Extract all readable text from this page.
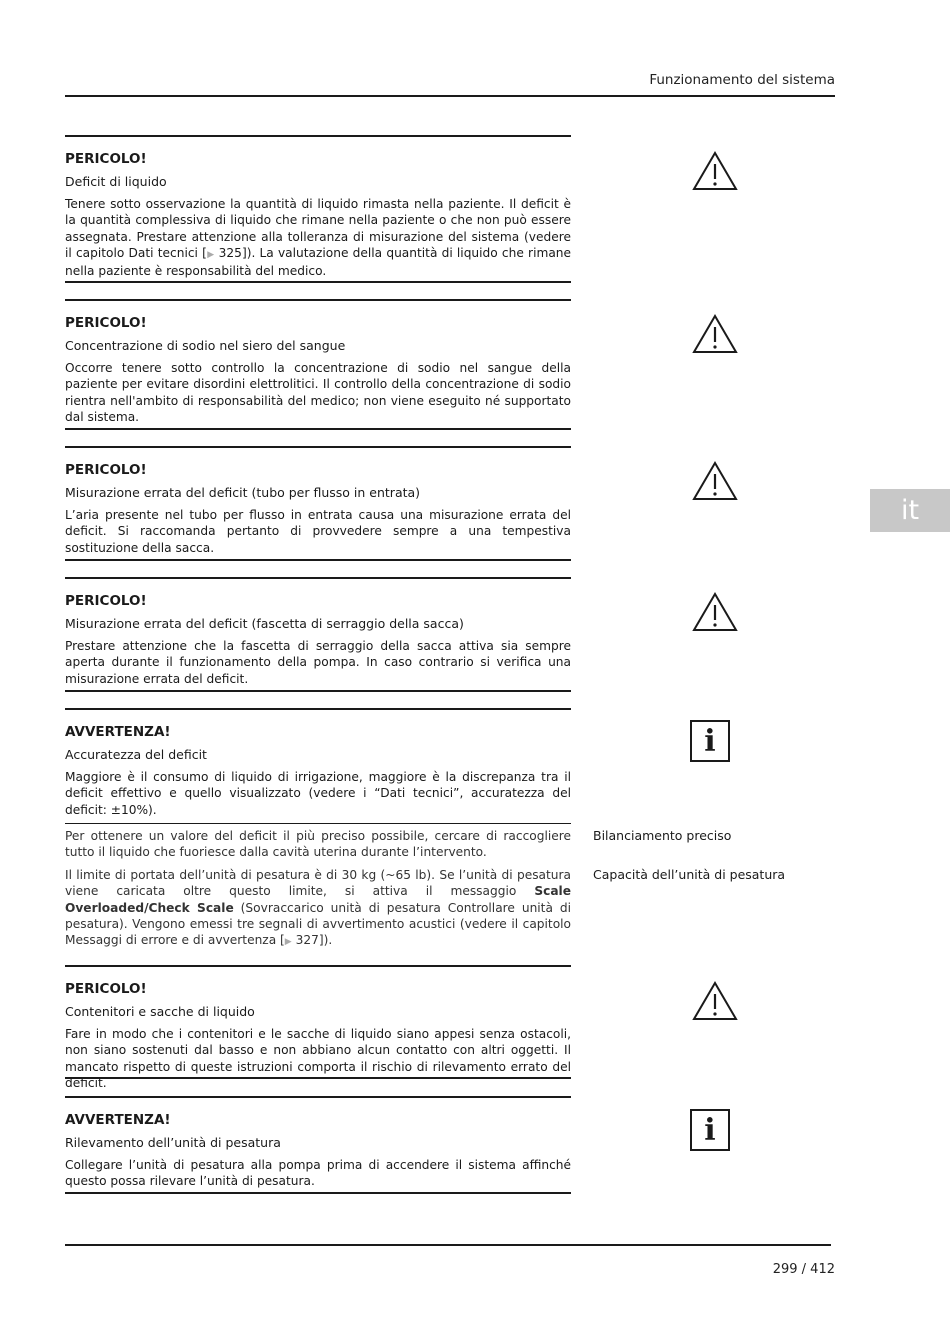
Funzionamento del sistema
it

PERICOLO!

Deficit di liquido

Tenere sotto osservazione la quantità di liquido rimasta nella paziente. Il deficit è la quantità complessiva di liquido che rimane nella paziente o che non può essere assegnata. Prestare attenzione alla tolleranza di misurazione del sistema (vedere il capitolo Dati tecnici [▶ 325]). La valutazione della quantità di liquido che rimane nella paziente è responsabilità del medico.

PERICOLO!

Concentrazione di sodio nel siero del sangue

Occorre tenere sotto controllo la concentrazione di sodio nel sangue della paziente per evitare disordini elettrolitici. Il controllo della concentrazione di sodio rientra nell'ambito di responsabilità del medico; non viene eseguito né supportato dal sistema.

PERICOLO!

Misurazione errata del deficit (tubo per flusso in entrata)

L’aria presente nel tubo per flusso in entrata causa una misurazione errata del deficit. Si raccomanda pertanto di provvedere sempre a una tempestiva sostituzione della sacca.

PERICOLO!

Misurazione errata del deficit (fascetta di serraggio della sacca)

Prestare attenzione che la fascetta di serraggio della sacca attiva sia sempre aperta durante il funzionamento della pompa. In caso contrario si verifica una misurazione errata del deficit.

AVVERTENZA!

Accuratezza del deficit

Maggiore è il consumo di liquido di irrigazione, maggiore è la discrepanza tra il deficit effettivo e quello visualizzato (vedere i “Dati tecnici”, accuratezza del deficit: ±10%).

i

Per ottenere un valore del deficit il più preciso possibile, cercare di raccogliere tutto il liquido che fuoriesce dalla cavità uterina durante l’intervento.

Bilanciamento preciso

Il limite di portata dell’unità di pesatura è di 30 kg (~65 lb). Se l’unità di pesatura viene caricata oltre questo limite, si attiva il messaggio Scale Overloaded/Check Scale (Sovraccarico unità di pesatura Controllare unità di pesatura). Vengono emessi tre segnali di avvertimento acustici (vedere il capitolo Messaggi di errore e di avvertenza [▶ 327]).

Capacità dell’unità di pesatura

PERICOLO!

Contenitori e sacche di liquido

Fare in modo che i contenitori e le sacche di liquido siano appesi senza ostacoli, non siano sostenuti dal basso e non abbiano alcun contatto con altri oggetti. Il mancato rispetto di queste istruzioni comporta il rischio di rilevamento errato del deficit.

AVVERTENZA!

Rilevamento dell’unità di pesatura

Collegare l’unità di pesatura alla pompa prima di accendere il sistema affinché questo possa rilevare l’unità di pesatura.

i
299 / 412
